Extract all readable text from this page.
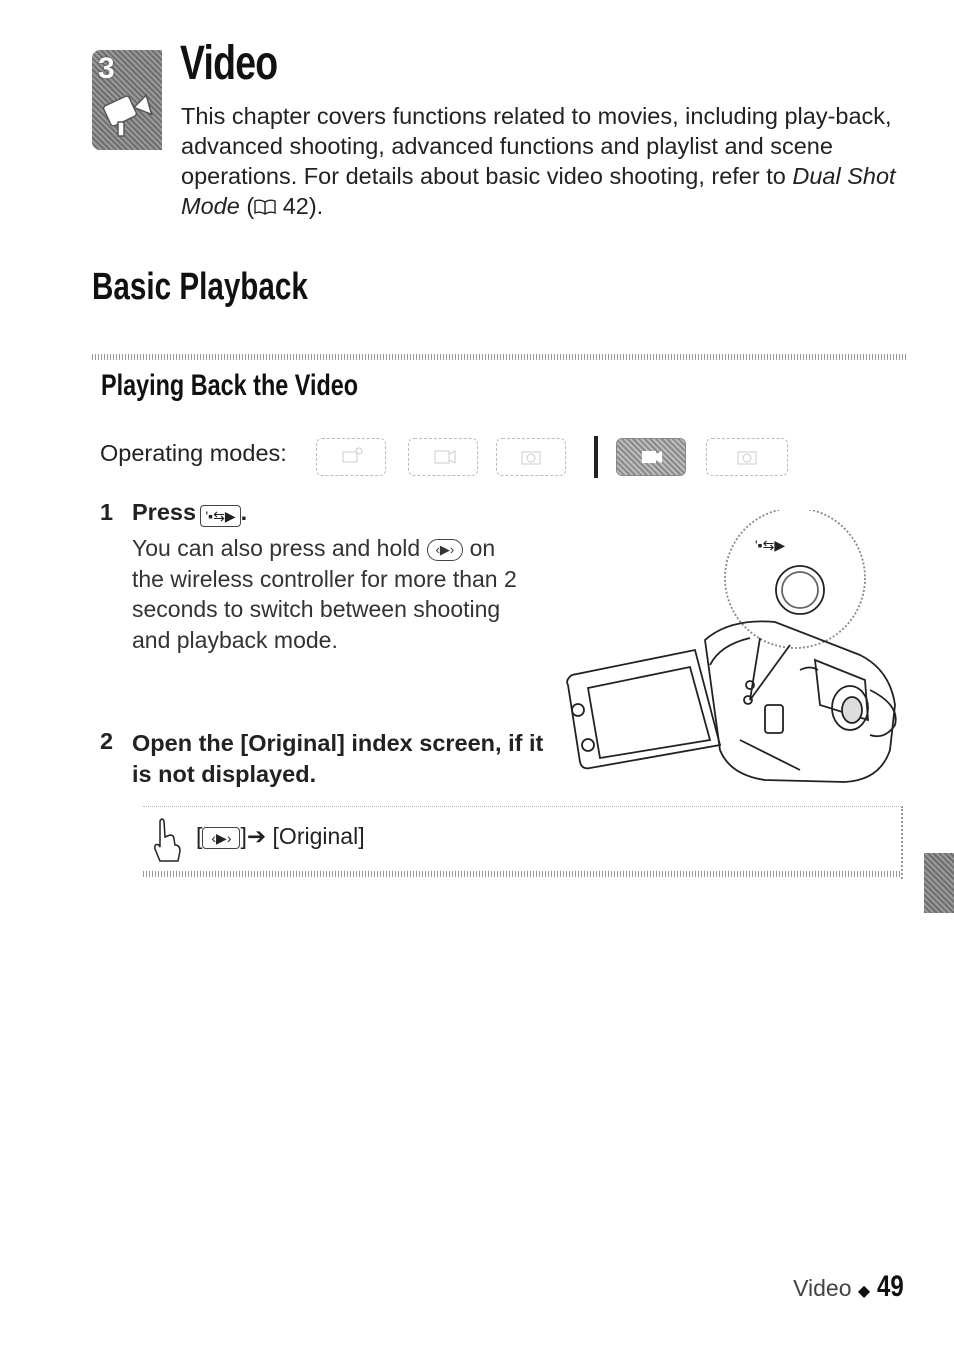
3 Video
This chapter covers functions related to movies, including play-back, advanced shooting, advanced functions and playlist and scene operations. For details about basic video shooting, refer to Dual Shot Mode ( 42).
Basic Playback
Playing Back the Video
Operating modes:
1 Press '▪⇆▶ .
You can also press and hold ‹▶› on the wireless controller for more than 2 seconds to switch between shooting and playback mode.
2 Open the [Original] index screen, if it is not displayed.
'▪⇆▶
[ ‹▶› ]➔ [Original]
Video ◆ 49
